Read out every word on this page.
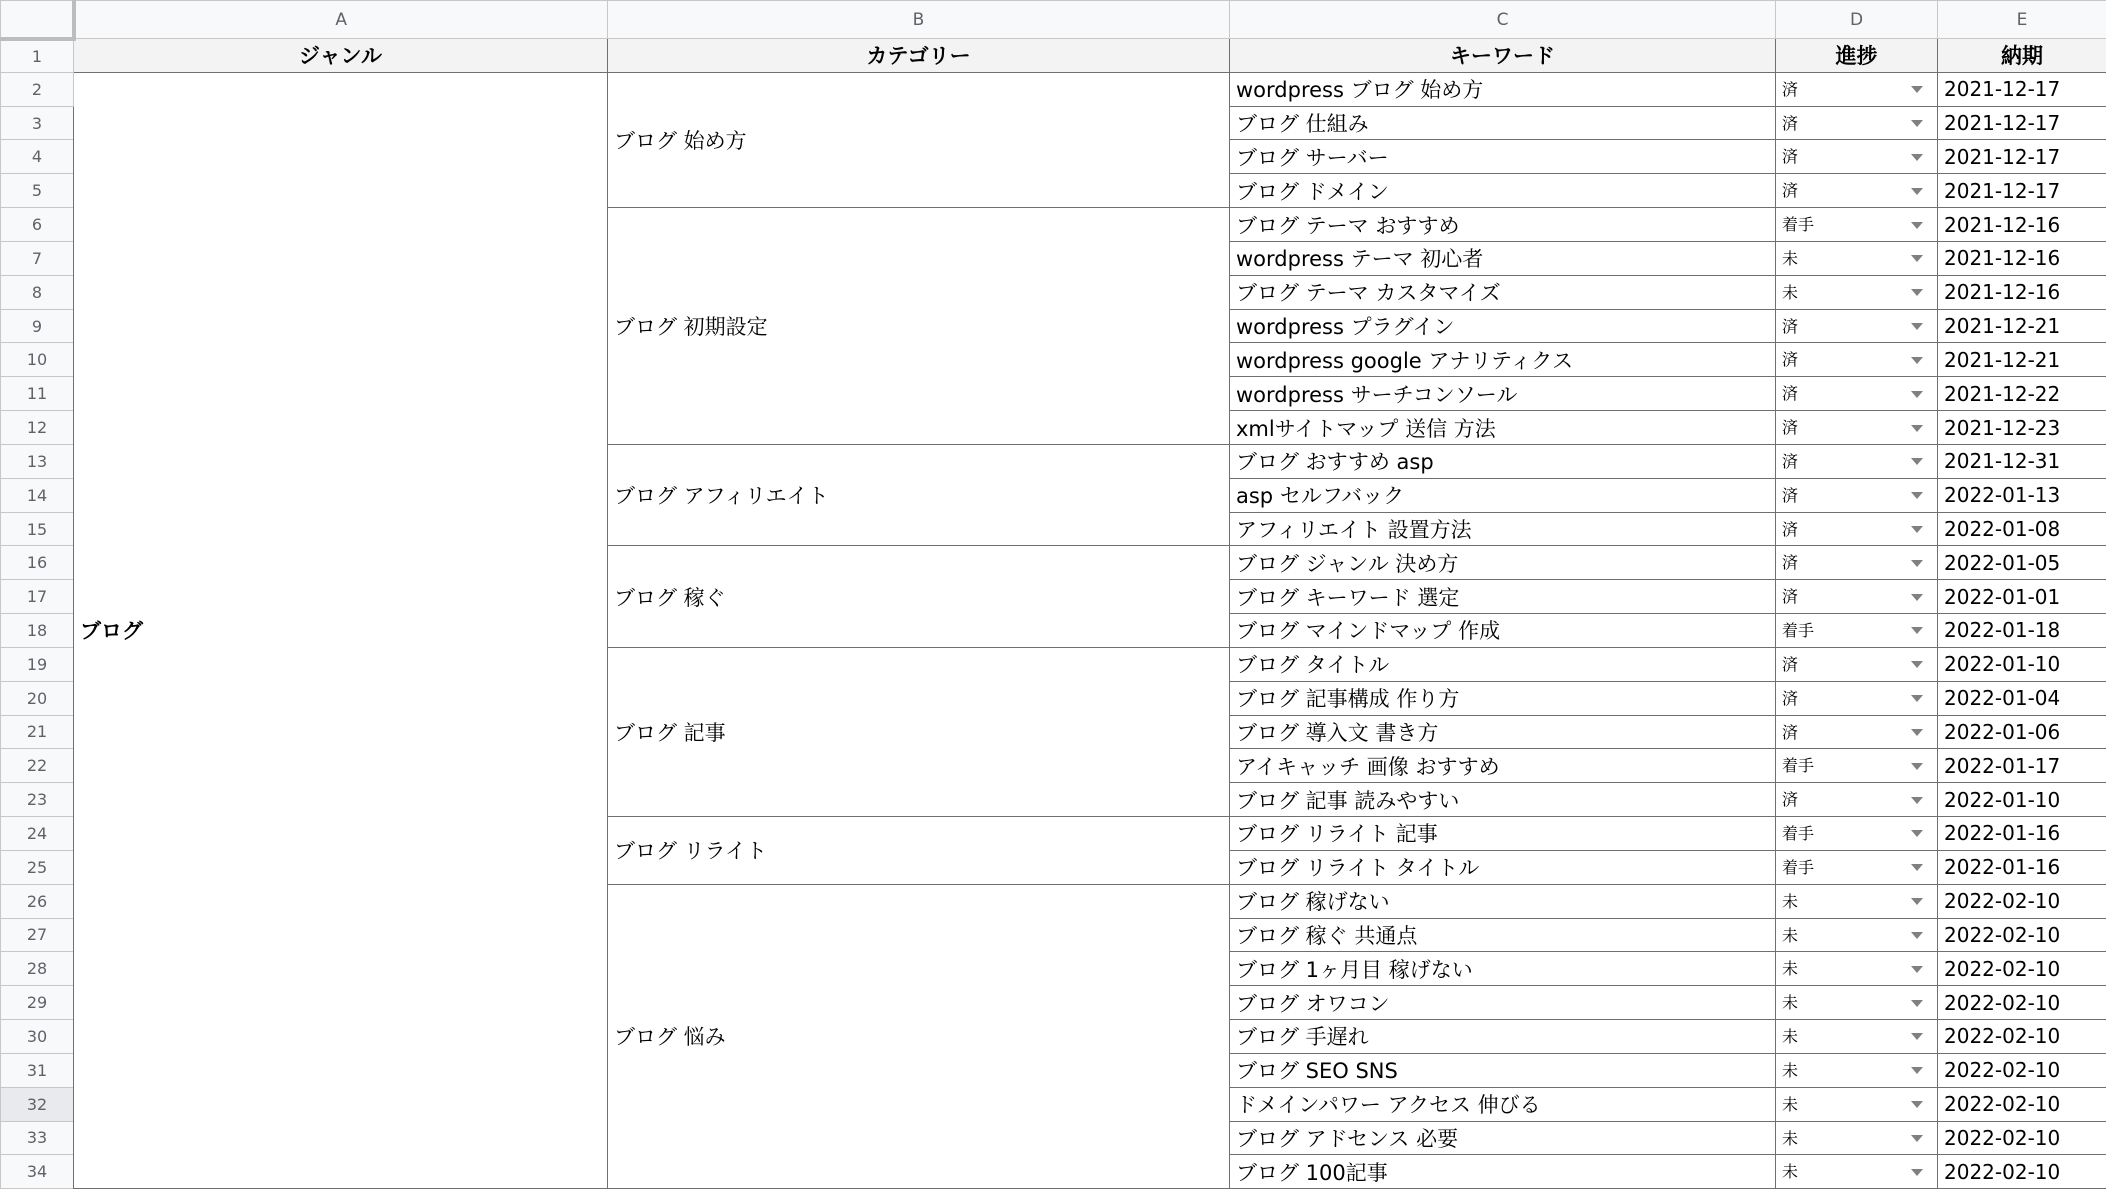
	A	B	C	D	E
1	ジャンル	カテゴリー	キーワード	進捗	納期
2	ブログ	ブログ 始め方	wordpress ブログ 始め方	済	2021-12-17
3			ブログ 仕組み	済	2021-12-17
4			ブログ サーバー	済	2021-12-17
5			ブログ ドメイン	済	2021-12-17
6		ブログ 初期設定	ブログ テーマ おすすめ	着手	2021-12-16
7			wordpress テーマ 初心者	未	2021-12-16
8			ブログ テーマ カスタマイズ	未	2021-12-16
9			wordpress プラグイン	済	2021-12-21
10			wordpress google アナリティクス	済	2021-12-21
11			wordpress サーチコンソール	済	2021-12-22
12			xmlサイトマップ 送信 方法	済	2021-12-23
13		ブログ アフィリエイト	ブログ おすすめ asp	済	2021-12-31
14			asp セルフバック	済	2022-01-13
15			アフィリエイト 設置方法	済	2022-01-08
16		ブログ 稼ぐ	ブログ ジャンル 決め方	済	2022-01-05
17			ブログ キーワード 選定	済	2022-01-01
18			ブログ マインドマップ 作成	着手	2022-01-18
19		ブログ 記事	ブログ タイトル	済	2022-01-10
20			ブログ 記事構成 作り方	済	2022-01-04
21			ブログ 導入文 書き方	済	2022-01-06
22			アイキャッチ 画像 おすすめ	着手	2022-01-17
23			ブログ 記事 読みやすい	済	2022-01-10
24		ブログ リライト	ブログ リライト 記事	着手	2022-01-16
25			ブログ リライト タイトル	着手	2022-01-16
26		ブログ 悩み	ブログ 稼げない	未	2022-02-10
27			ブログ 稼ぐ 共通点	未	2022-02-10
28			ブログ 1ヶ月目 稼げない	未	2022-02-10
29			ブログ オワコン	未	2022-02-10
30			ブログ 手遅れ	未	2022-02-10
31			ブログ SEO SNS	未	2022-02-10
32			ドメインパワー アクセス 伸びる	未	2022-02-10
33			ブログ アドセンス 必要	未	2022-02-10
34			ブログ 100記事	未	2022-02-10
